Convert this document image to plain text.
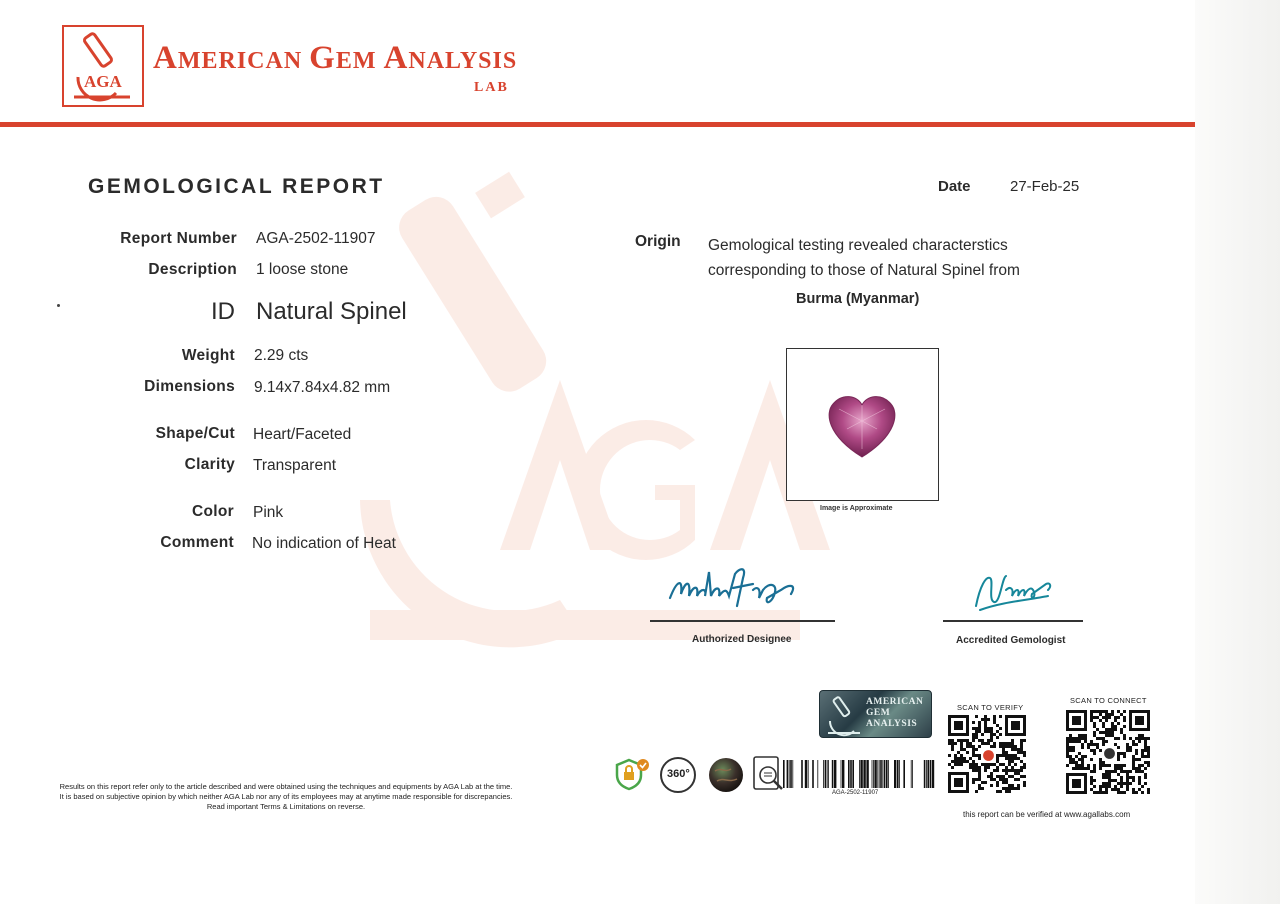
AGA
AMERICAN GEM ANALYSIS
LAB
GEMOLOGICAL REPORT	Date	27-Feb-25
Report Number AGA-2502-11907
Description 1 loose stone
ID Natural Spinel
Weight 2.29 cts
Dimensions 9.14x7.84x4.82 mm
Shape/Cut Heart/Faceted
Clarity Transparent
Color Pink
Comment No indication of Heat
Origin Gemological testing revealed characterstics corresponding to those of Natural Spinel from
Burma (Myanmar)
Image is Approximate
Authorized Designee	Accredited Gemologist
Results on this report refer only to the article described and were obtained using the techniques and equipments by AGA Lab at the time.
It is based on subjective opinion by which neither AGA Lab nor any of its employees may at anytime made responsible for discrepancies.
Read important Terms & Limitations on reverse.
AMERICAN
GEM
ANALYSIS
360°
AGA-2502-11907
SCAN TO VERIFY
SCAN TO CONNECT
this report can be verified at www.agallabs.com
